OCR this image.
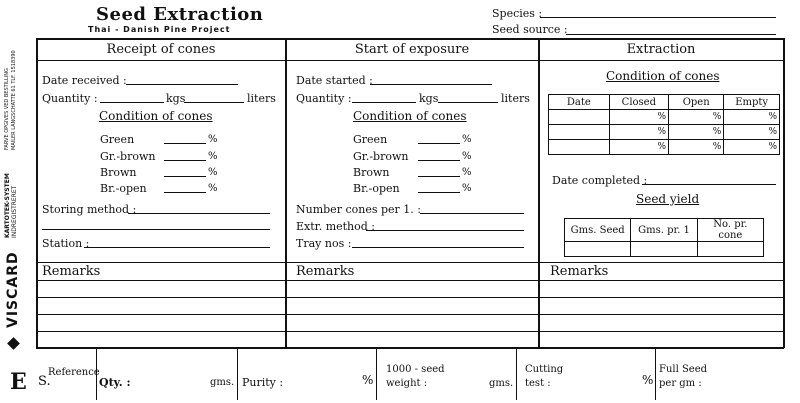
FARVE OPGIVES VED BESTILLING MAILER LANGSCHATTE 61 TLF. 1518390
KARTOTEK-SYSTEM INDREGISTRERET
VISCARD
E
Seed Extraction
Thai - Danish Pine Project
Species :
Seed source :
Receipt of cones	Start of exposure	Extraction
Date received :
Quantity :	kgs	liters
Condition of cones
Green	%
Gr.-brown	%
Brown	%
Br.-open	%
Storing method :
Station :
Remarks
Date started :
Quantity :	kgs	liters
Condition of cones
Green	%
Gr.-brown	%
Brown	%
Br.-open	%
Number cones per 1. :
Extr. method :
Tray nos :
Remarks
Condition of cones
Date	Closed	Open	Empty
	%	%	%
	%	%	%
	%	%	%
Date completed :
Seed yield
Gms. Seed	Gms. pr. 1	No. pr. cone

Remarks
S.
Reference
Qty. :	gms. Purity :	%
1000 - seed
weight :	gms.
Cutting
test :	%
Full Seed
per gm :
